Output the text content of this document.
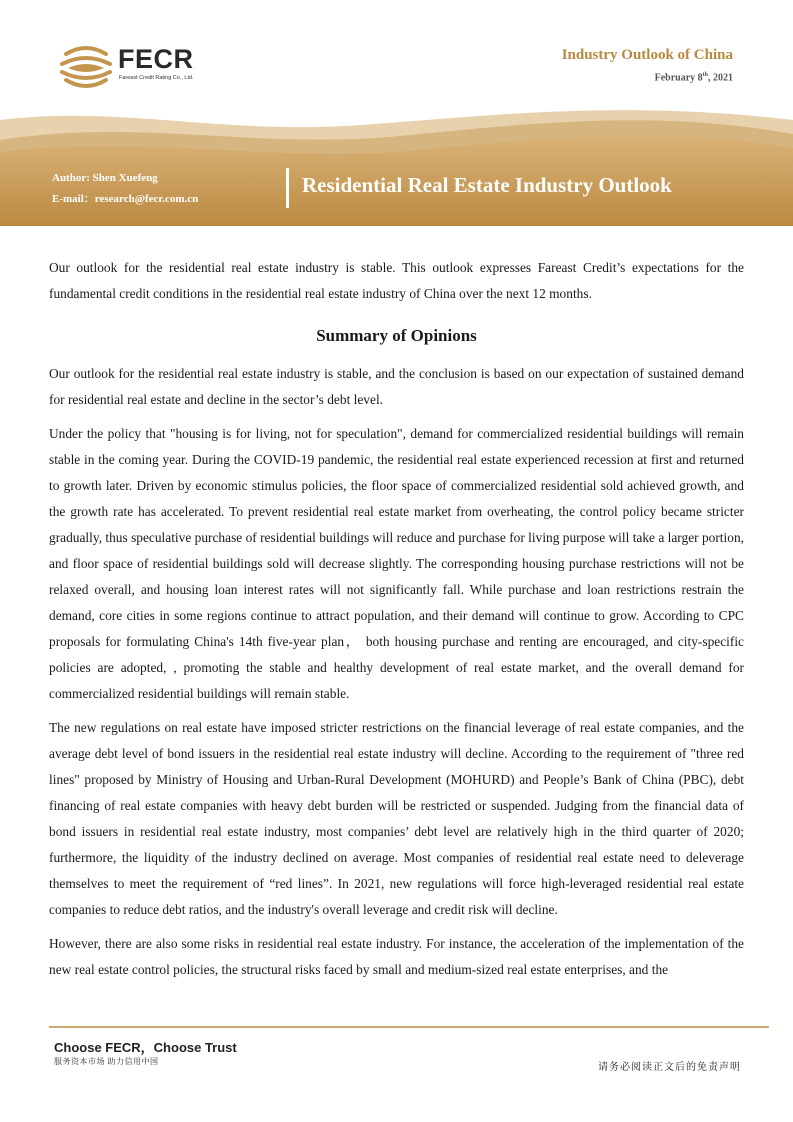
FECR
Fareast Credit Rating Co., Ltd.
Industry Outlook of China
February 8th, 2021
Author: Shen Xuefeng
E-mail：research@fecr.com.cn
Residential Real Estate Industry Outlook

Our outlook for the residential real estate industry is stable. This outlook expresses Fareast Credit’s expectations for the fundamental credit conditions in the residential real estate industry of China over the next 12 months.

Summary of Opinions

Our outlook for the residential real estate industry is stable, and the conclusion is based on our expectation of sustained demand for residential real estate and decline in the sector’s debt level.

Under the policy that "housing is for living, not for speculation", demand for commercialized residential buildings will remain stable in the coming year. During the COVID-19 pandemic, the residential real estate experienced recession at first and returned to growth later. Driven by economic stimulus policies, the floor space of commercialized residential sold achieved growth, and the growth rate has accelerated. To prevent residential real estate market from overheating, the control policy became stricter gradually, thus speculative purchase of residential buildings will reduce and purchase for living purpose will take a larger portion, and floor space of residential buildings sold will decrease slightly. The corresponding housing purchase restrictions will not be relaxed overall, and housing loan interest rates will not significantly fall. While purchase and loan restrictions restrain the demand, core cities in some regions continue to attract population, and their demand will continue to grow. According to CPC proposals for formulating China's 14th five-year plan， both housing purchase and renting are encouraged, and city-specific policies are adopted, , promoting the stable and healthy development of real estate market, and the overall demand for commercialized residential buildings will remain stable.

The new regulations on real estate have imposed stricter restrictions on the financial leverage of real estate companies, and the average debt level of bond issuers in the residential real estate industry will decline. According to the requirement of "three red lines" proposed by Ministry of Housing and Urban-Rural Development (MOHURD) and People’s Bank of China (PBC), debt financing of real estate companies with heavy debt burden will be restricted or suspended. Judging from the financial data of bond issuers in residential real estate industry, most companies’ debt level are relatively high in the third quarter of 2020; furthermore, the liquidity of the industry declined on average. Most companies of residential real estate need to deleverage themselves to meet the requirement of “red lines”. In 2021, new regulations will force high-leveraged residential real estate companies to reduce debt ratios, and the industry's overall leverage and credit risk will decline.

However, there are also some risks in residential real estate industry. For instance, the acceleration of the implementation of the new real estate control policies, the structural risks faced by small and medium-sized real estate enterprises, and the

Choose FECR，Choose Trust
服务资本市场 助力信用中国
请务必阅读正文后的免责声明
